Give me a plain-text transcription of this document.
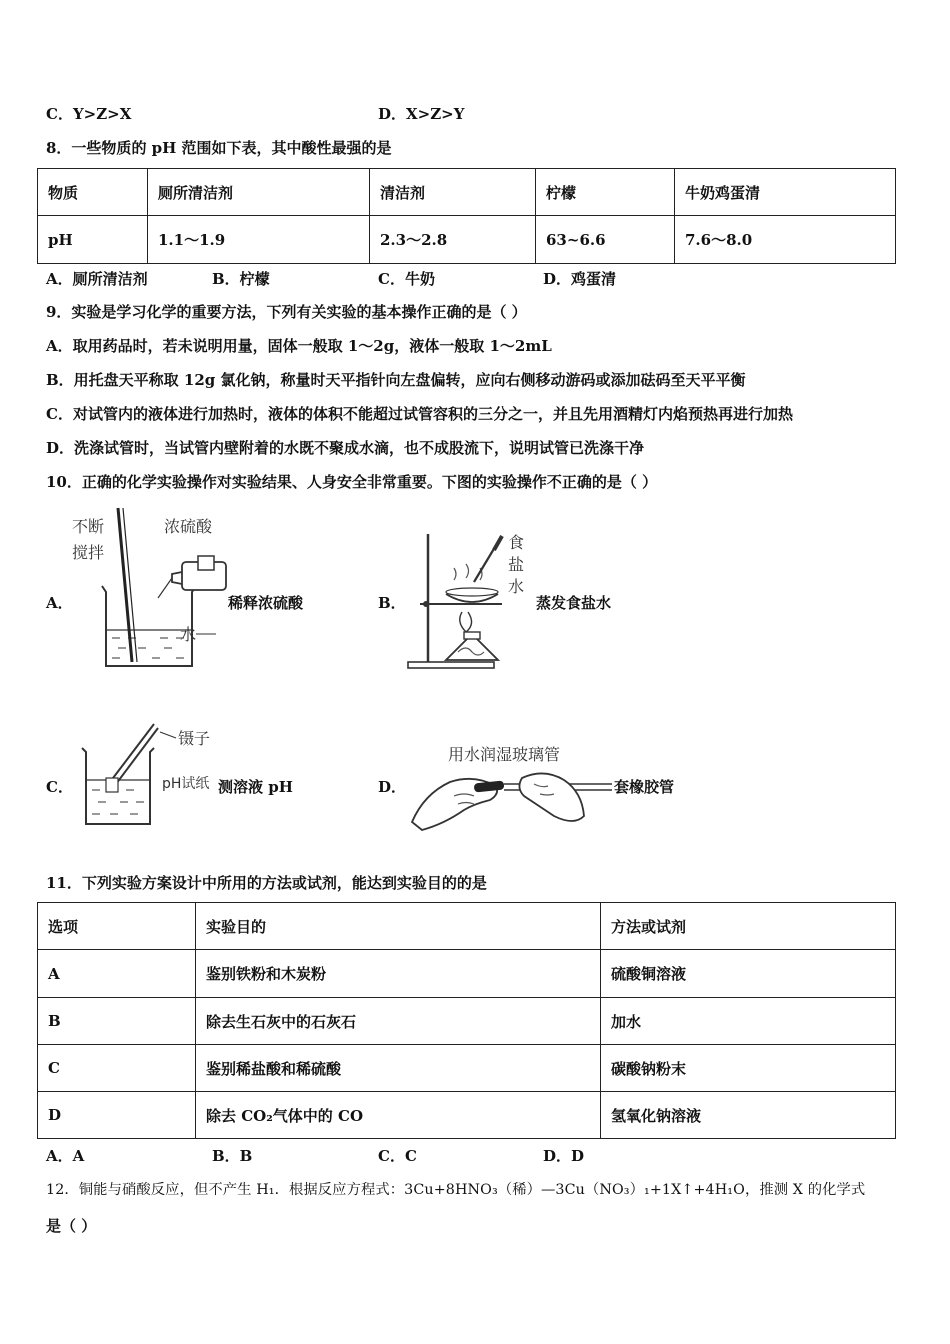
C．Y>Z>X	D．X>Z>Y
8．一些物质的 pH 范围如下表，其中酸性最强的是
物质	厕所清洁剂	清洁剂	柠檬	牛奶鸡蛋清
pH	1.1～1.9	2.3～2.8	63~6.6	7.6～8.0
A．厕所清洁剂	B．柠檬	C．牛奶	D．鸡蛋清
9．实验是学习化学的重要方法，下列有关实验的基本操作正确的是（ ）
A．取用药品时，若未说明用量，固体一般取 1～2g，液体一般取 1～2mL
B．用托盘天平称取 12g 氯化钠，称量时天平指针向左盘偏转，应向右侧移动游码或添加砝码至天平平衡
C．对试管内的液体进行加热时，液体的体积不能超过试管容积的三分之一，并且先用酒精灯内焰预热再进行加热
D．洗涤试管时，当试管内壁附着的水既不聚成水滴，也不成股流下，说明试管已洗涤干净
10．正确的化学实验操作对实验结果、人身安全非常重要。下图的实验操作不正确的是（ ）
A．
不断
搅拌
浓硫酸
水
稀释浓硫酸	B．
食
盐
水
蒸发食盐水
C．
镊子
pH试纸 测溶液 pH	D．
用水润湿玻璃管
套橡胶管
11．下列实验方案设计中所用的方法或试剂，能达到实验目的的是
选项	实验目的	方法或试剂
A	鉴别铁粉和木炭粉	硫酸铜溶液
B	除去生石灰中的石灰石	加水
C	鉴别稀盐酸和稀硫酸	碳酸钠粉末
D	除去 CO₂气体中的 CO	氢氧化钠溶液
A．A	B．B	C．C	D．D
12．铜能与硝酸反应，但不产生 H₁．根据反应方程式：3Cu+8HNO₃（稀）—3Cu（NO₃）₁+1X↑+4H₁O，推测 X 的化学式
是（ ）
